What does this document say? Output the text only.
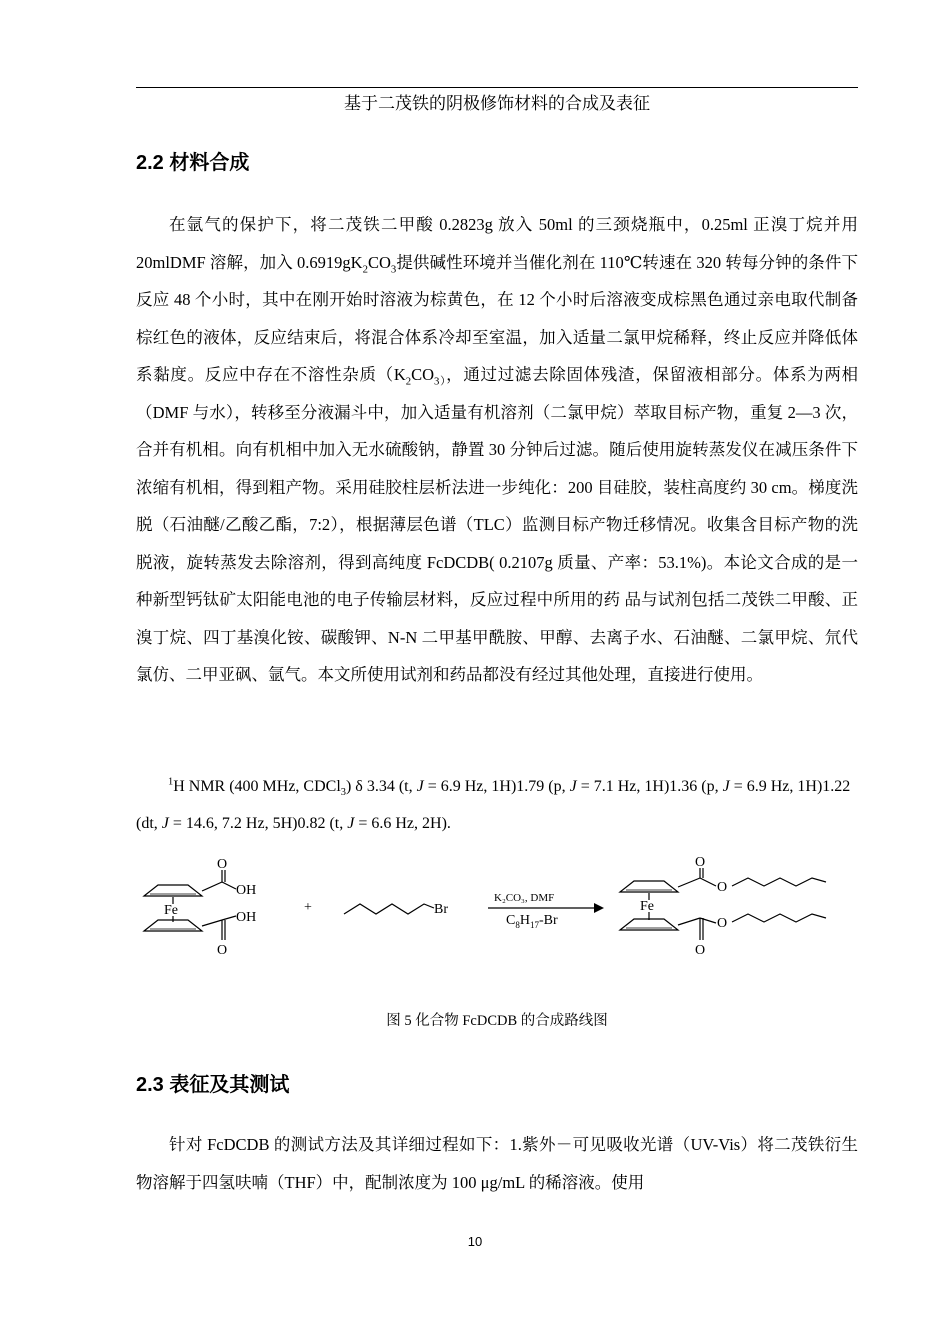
基于二茂铁的阴极修饰材料的合成及表征
2.2 材料合成

在氩气的保护下，将二茂铁二甲酸 0.2823g 放入 50ml 的三颈烧瓶中，0.25ml 正溴丁烷并用 20mlDMF 溶解，加入 $0.6919gK_2CO_3$提供碱性环境并当催化剂在 110℃转速在 320 转每分钟的条件下反应 48 个小时，其中在刚开始时溶液为棕黄色，在 12 个小时后溶液变成棕黑色通过亲电取代制备棕红色的液体，反应结束后，将混合体系冷却至室温，加入适量二氯甲烷稀释，终止反应并降低体系黏度。反应中存在不溶性杂质（$K_2CO_{3)}$，通过过滤去除固体残渣，保留液相部分。体系为两相（DMF 与水），转移至分液漏斗中，加入适量有机溶剂（二氯甲烷）萃取目标产物，重复 2—3 次，合并有机相。向有机相中加入无水硫酸钠，静置 30 分钟后过滤。随后使用旋转蒸发仪在减压条件下浓缩有机相，得到粗产物。采用硅胶柱层析法进一步纯化：200 目硅胶，装柱高度约 30 cm。梯度洗脱（石油醚/乙酸乙酯，7:2），根据薄层色谱（TLC）监测目标产物迁移情况。收集含目标产物的洗脱液，旋转蒸发去除溶剂，得到高纯度 FcDCDB( 0.2107g 质量、产率：53.1%)。本论文合成的是一种新型钙钛矿太阳能电池的电子传输层材料，反应过程中所用的药 品与试剂包括二茂铁二甲酸、正溴丁烷、四丁基溴化铵、碳酸钾、N-N 二甲基甲酰胺、甲醇、去离子水、石油醚、二氯甲烷、氘代氯仿、二甲亚砜、氩气。本文所使用试剂和药品都没有经过其他处理，直接进行使用。

$^1$H NMR (400 MHz, CDCl$_3$) δ 3.34 (t, J = 6.9 Hz, 1H)1.79 (p, J = 7.1 Hz, 1H)1.36 (p, J = 6.9 Hz, 1H)1.22 (dt, J = 14.6, 7.2 Hz, 5H)0.82 (t, J = 6.6 Hz, 2H).
Fe
O
OH
OH
O
+	Br
K₂CO₃, DMF
$C_8H_{17}-Br$
Fe
O
O
O
O
图 5 化合物 FcDCDB 的合成路线图
2.3 表征及其测试

针对 FcDCDB 的测试方法及其详细过程如下：1.紫外－可见吸收光谱（UV-Vis）将二茂铁衍生物溶解于四氢呋喃（THF）中，配制浓度为 100 μg/mL 的稀溶液。使用

10
